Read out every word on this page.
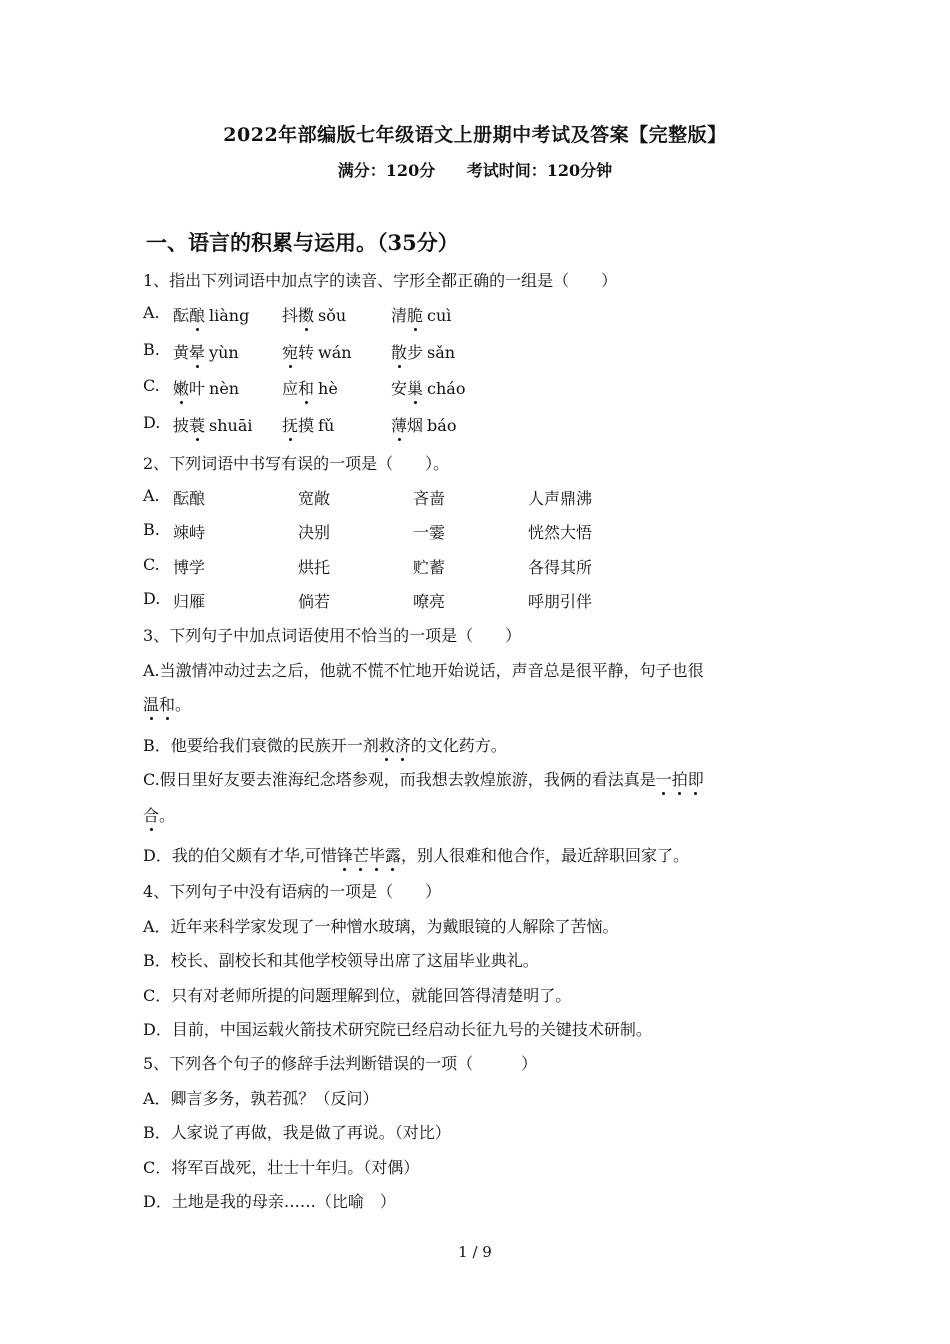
2022年部编版七年级语文上册期中考试及答案【完整版】
满分：120分 考试时间：120分钟
一、语言的积累与运用。（35分）
1、指出下列词语中加点字的读音、字形全都正确的一组是（　　）
A. 酝酿 liàng 抖擞 sǒu	清脆 cuì
B. 黄晕 yùn	宛转 wán 散步 sǎn
C. 嫩叶 nèn	应和 hè	安巢 cháo
D. 披蓑 shuāi 抚摸 fǔ	薄烟 báo
2、下列词语中书写有误的一项是（　　）。
A. 酝酿	宽敞	吝啬	人声鼎沸
B. 竦峙	决别	一霎	恍然大悟
C. 博学	烘托	贮蓄	各得其所
D. 归雁	倘若	嘹亮	呼朋引伴
3、下列句子中加点词语使用不恰当的一项是（　　）
A.当激情冲动过去之后，他就不慌不忙地开始说话，声音总是很平静，句子也很
温和。
B．他要给我们衰微的民族开一剂救济的文化药方。
C.假日里好友要去淮海纪念塔参观，而我想去敦煌旅游，我俩的看法真是一拍即
合。
D．我的伯父颇有才华,可惜锋芒毕露，别人很难和他合作，最近辞职回家了。
4、下列句子中没有语病的一项是（　　）
A．近年来科学家发现了一种憎水玻璃，为戴眼镜的人解除了苦恼。
B．校长、副校长和其他学校领导出席了这届毕业典礼。
C．只有对老师所提的问题理解到位，就能回答得清楚明了。
D．目前，中国运载火箭技术研究院已经启动长征九号的关键技术研制。
5、下列各个句子的修辞手法判断错误的一项（　　　）
A．卿言多务，孰若孤？（反问）
B．人家说了再做，我是做了再说。（对比）
C．将军百战死，壮士十年归。（对偶）
D．土地是我的母亲……（比喻　）
1 / 9
